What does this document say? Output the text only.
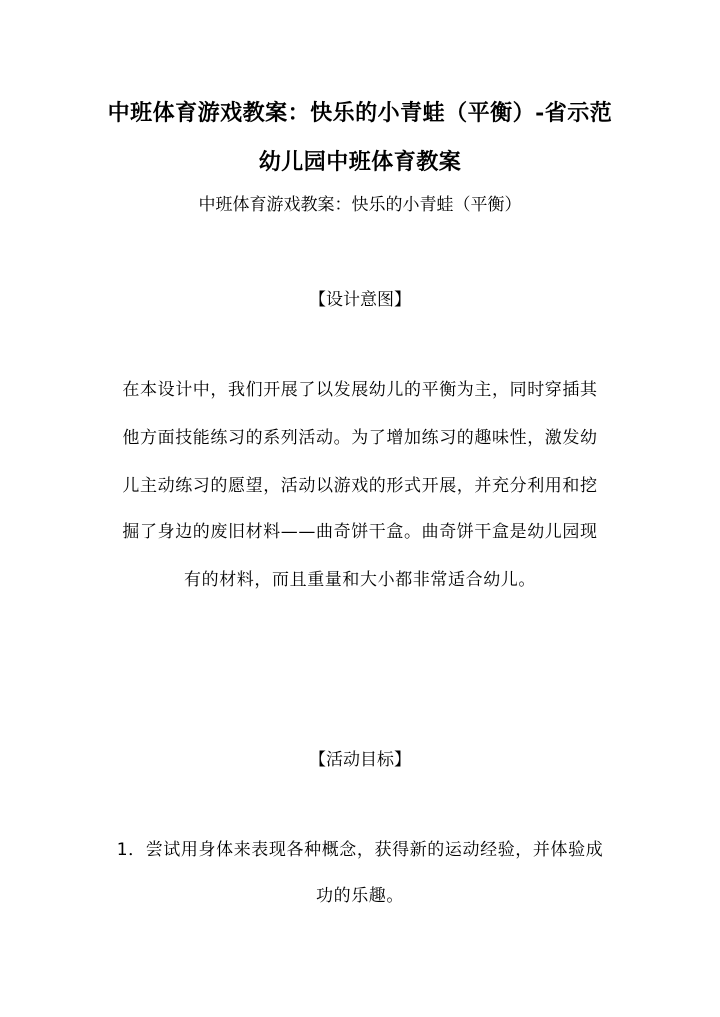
中班体育游戏教案：快乐的小青蛙（平衡）-省示范
幼儿园中班体育教案
中班体育游戏教案：快乐的小青蛙（平衡）
【设计意图】
在本设计中，我们开展了以发展幼儿的平衡为主，同时穿插其
他方面技能练习的系列活动。为了增加练习的趣味性，激发幼
儿主动练习的愿望，活动以游戏的形式开展，并充分利用和挖
掘了身边的废旧材料——曲奇饼干盒。曲奇饼干盒是幼儿园现
有的材料，而且重量和大小都非常适合幼儿。
【活动目标】
1．尝试用身体来表现各种概念，获得新的运动经验，并体验成
功的乐趣。
